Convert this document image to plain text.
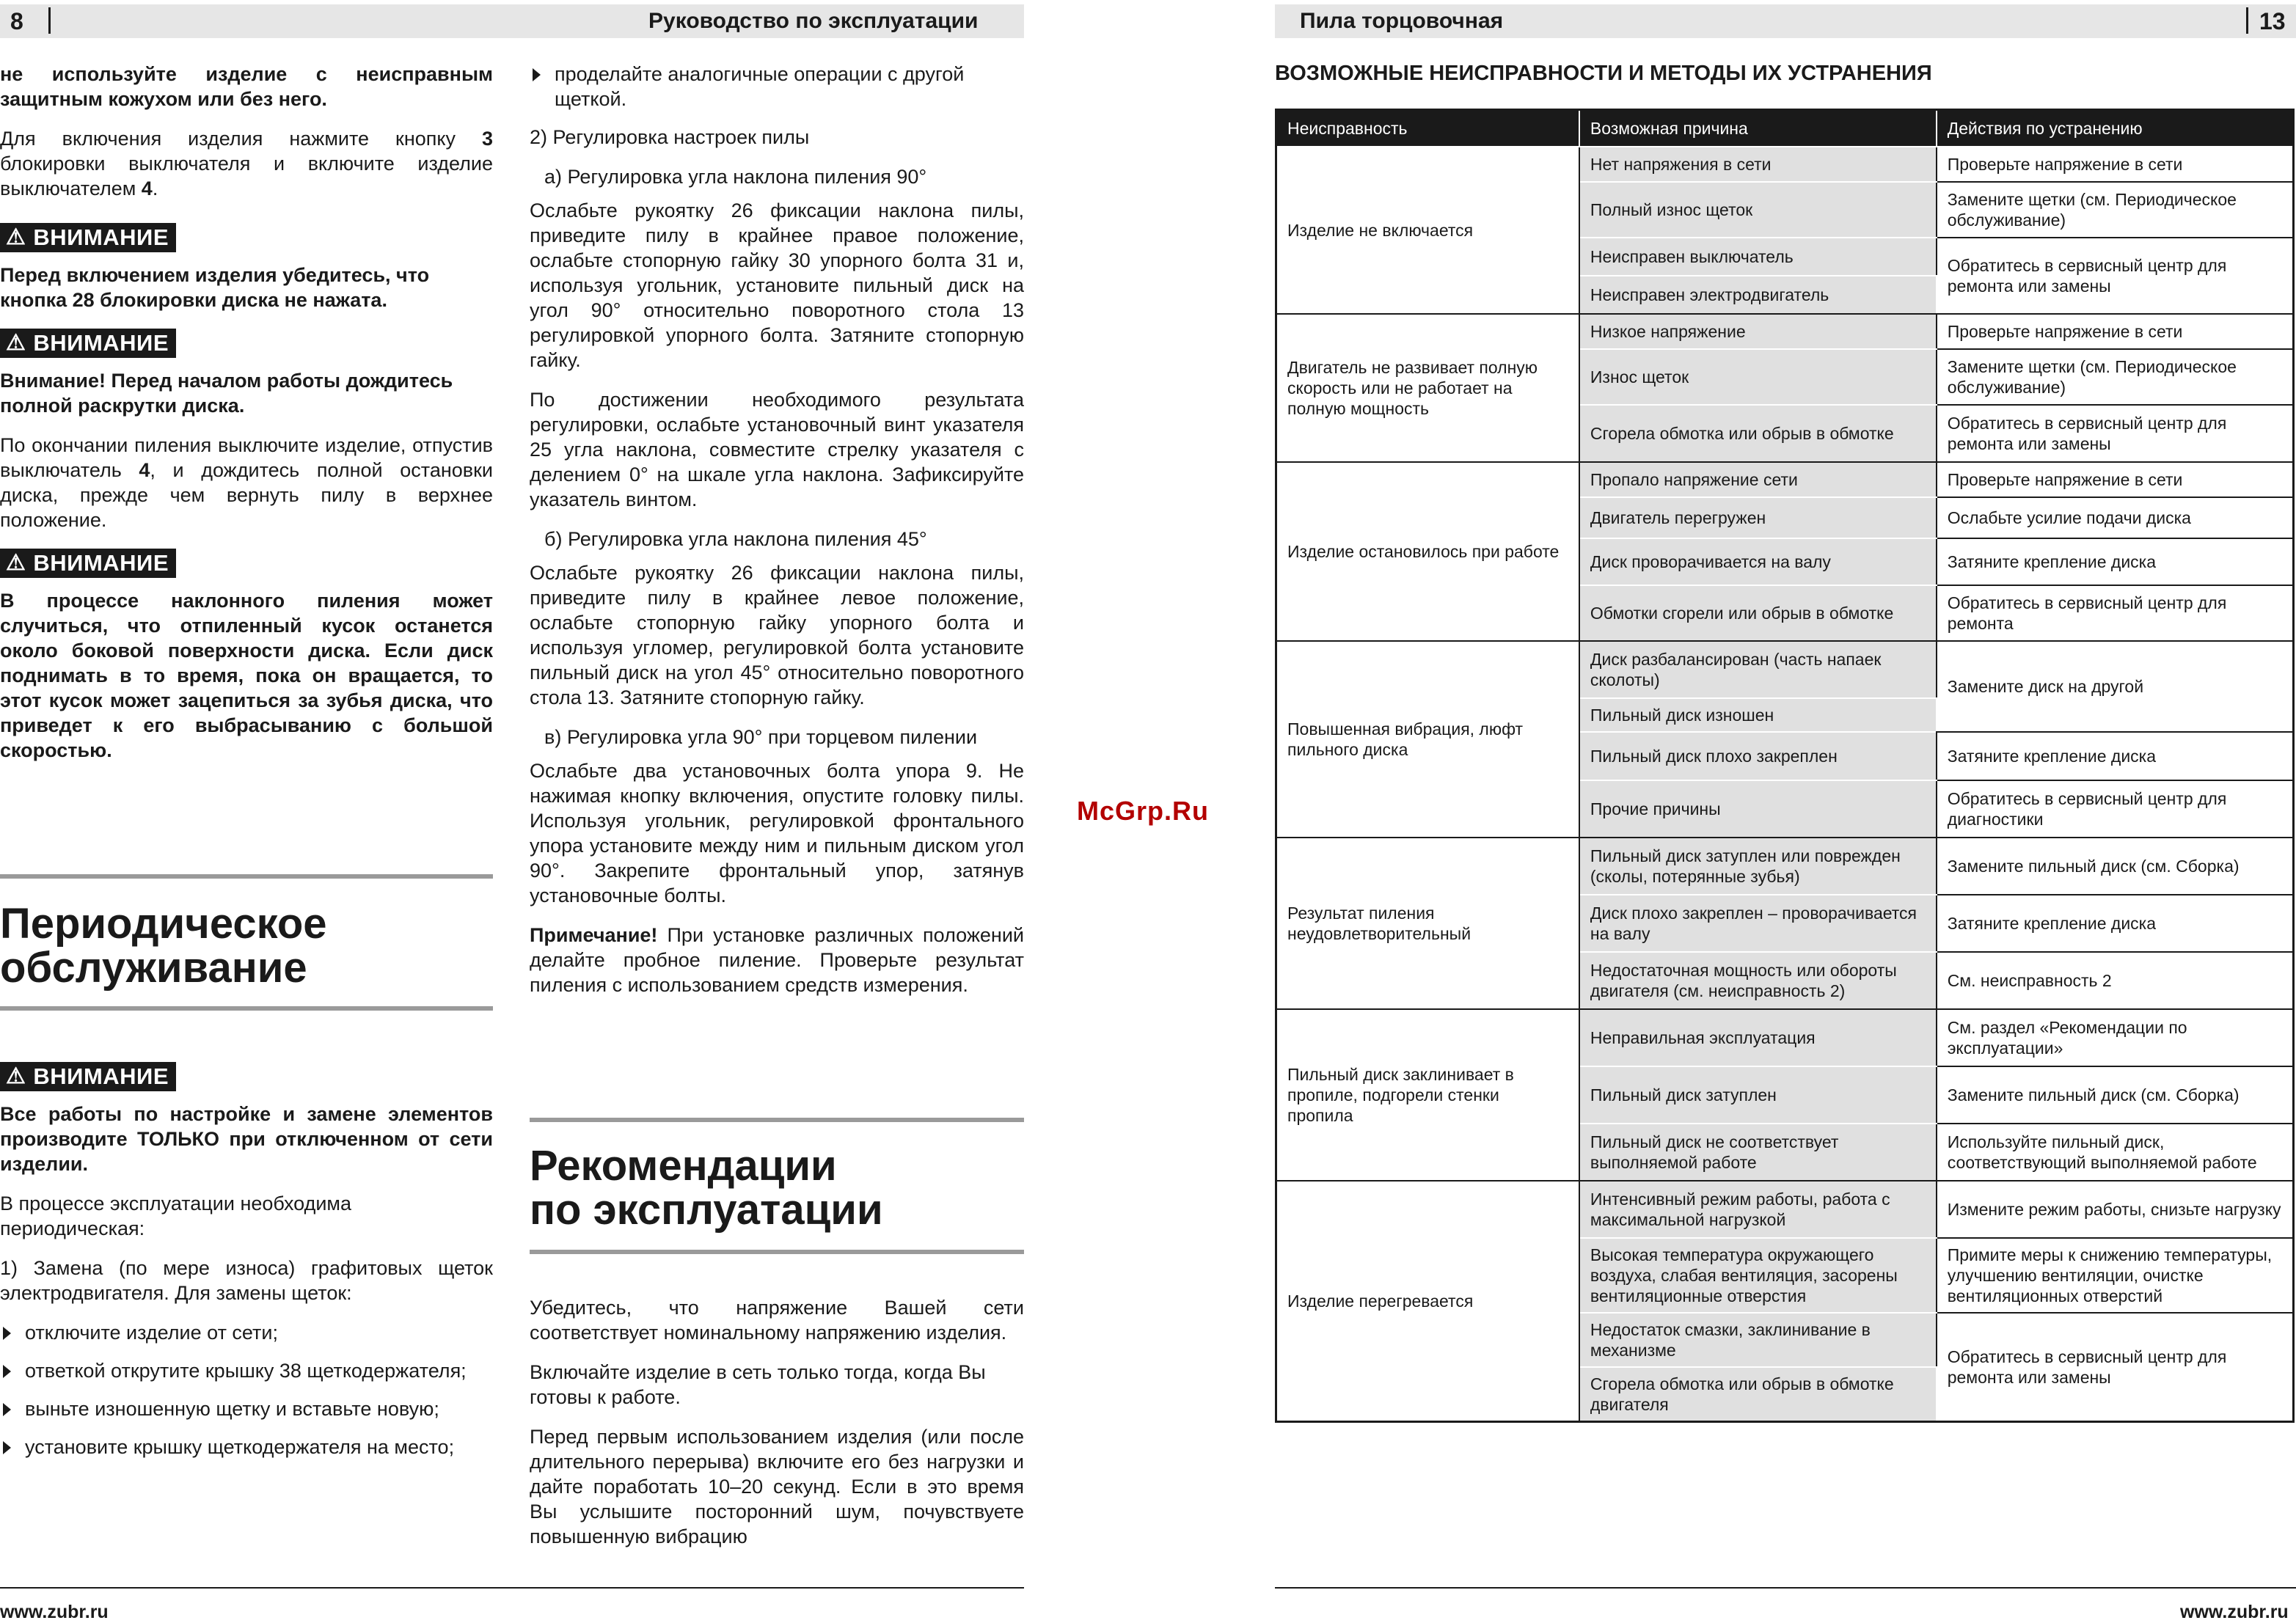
8	Руководство по эксплуатации	Пила торцовочная	13

не используйте изделие с неисправным защитным кожухом или без него.

Для включения изделия нажмите кнопку 3 блокировки выключателя и включите изделие выключателем 4.

⚠ ВНИМАНИЕ

Перед включением изделия убедитесь, что кнопка 28 блокировки диска не нажата.

⚠ ВНИМАНИЕ

Внимание! Перед началом работы дождитесь полной раскрутки диска.

По окончании пиления выключите изделие, отпустив выключатель 4, и дождитесь полной остановки диска, прежде чем вернуть пилу в верхнее положение.

⚠ ВНИМАНИЕ

В процессе наклонного пиления может случиться, что отпиленный кусок останется около боковой поверхности диска. Если диск поднимать в то время, пока он вращается, то этот кусок может зацепиться за зубья диска, что приведет к его выбрасыванию с большой скоростью.

Периодическое
обслуживание
⚠ ВНИМАНИЕ

Все работы по настройке и замене элементов производите ТОЛЬКО при отключенном от сети изделии.

В процессе эксплуатации необходима периодическая:

1) Замена (по мере износа) графитовых щеток электродвигателя. Для замены щеток:

отключите изделие от сети;
ответкой открутите крышку 38 щеткодержателя;
выньте изношенную щетку и вставьте новую;
установите крышку щеткодержателя на место;
проделайте аналогичные операции с другой щеткой.

2) Регулировка настроек пилы

а) Регулировка угла наклона пиления 90°

Ослабьте рукоятку 26 фиксации наклона пилы, приведите пилу в крайнее правое положение, ослабьте стопорную гайку 30 упорного болта 31 и, используя угольник, установите пильный диск на угол 90° относительно поворотного стола 13 регулировкой упорного болта. Затяните стопорную гайку.

По достижении необходимого результата регулировки, ослабьте установочный винт указателя 25 угла наклона, совместите стрелку указателя с делением 0° на шкале угла наклона. Зафиксируйте указатель винтом.

б) Регулировка угла наклона пиления 45°

Ослабьте рукоятку 26 фиксации наклона пилы, приведите пилу в крайнее левое положение, ослабьте стопорную гайку упорного болта и используя угломер, регулировкой болта установите пильный диск на угол 45° относительно поворотного стола 13. Затяните стопорную гайку.

в) Регулировка угла 90° при торцевом пилении

Ослабьте два установочных болта упора 9. Не нажимая кнопку включения, опустите головку пилы. Используя угольник, регулировкой фронтального упора установите между ним и пильным диском угол 90°. Закрепите фронтальный упор, затянув установочные болты.

Примечание! При установке различных положений делайте пробное пиление. Проверьте результат пиления с использованием средств измерения.

Рекомендации
по эксплуатации

Убедитесь, что напряжение Вашей сети соответствует номинальному напряжению изделия.

Включайте изделие в сеть только тогда, когда Вы готовы к работе.

Перед первым использованием изделия (или после длительного перерыва) включите его без нагрузки и дайте поработать 10–20 секунд. Если в это время Вы услышите посторонний шум, почувствуете повышенную вибрацию

McGrp.Ru
ВОЗМОЖНЫЕ НЕИСПРАВНОСТИ И МЕТОДЫ ИХ УСТРАНЕНИЯ
Неисправность	Возможная причина	Действия по устранению
Изделие не включается	Нет напряжения в сети	Проверьте напряжение в сети
	Полный износ щеток	Замените щетки (см. Периодическое обслуживание)
	Неисправен выключатель	Обратитесь в сервисный центр для ремонта или замены
	Неисправен электродвигатель	
Двигатель не развивает полную скорость или не работает на полную мощность	Низкое напряжение	Проверьте напряжение в сети
	Износ щеток	Замените щетки (см. Периодическое обслуживание)
	Сгорела обмотка или обрыв в обмотке	Обратитесь в сервисный центр для ремонта или замены
Изделие остановилось при работе	Пропало напряжение сети	Проверьте напряжение в сети
	Двигатель перегружен	Ослабьте усилие подачи диска
	Диск проворачивается на валу	Затяните крепление диска
	Обмотки сгорели или обрыв в обмотке	Обратитесь в сервисный центр для ремонта
Повышенная вибрация, люфт пильного диска	Диск разбалансирован (часть напаек сколоты)	Замените диск на другой
	Пильный диск изношен	
	Пильный диск плохо закреплен	Затяните крепление диска
	Прочие причины	Обратитесь в сервисный центр для диагностики
Результат пиления неудовлетворительный	Пильный диск затуплен или поврежден (сколы, потерянные зубья)	Замените пильный диск (см. Сборка)
	Диск плохо закреплен – проворачивается на валу	Затяните крепление диска
	Недостаточная мощность или обороты двигателя (см. неисправность 2)	См. неисправность 2
Пильный диск заклинивает в пропиле, подгорели стенки пропила	Неправильная эксплуатация	См. раздел «Рекомендации по эксплуатации»
	Пильный диск затуплен	Замените пильный диск (см. Сборка)
	Пильный диск не соответствует выполняемой работе	Используйте пильный диск, соответствующий выполняемой работе
Изделие перегревается	Интенсивный режим работы, работа с максимальной нагрузкой	Измените режим работы, снизьте нагрузку
	Высокая температура окружающего воздуха, слабая вентиляция, засорены вентиляционные отверстия	Примите меры к снижению температуры, улучшению вентиляции, очистке вентиляционных отверстий
	Недостаток смазки, заклинивание в механизме	Обратитесь в сервисный центр для ремонта или замены
	Сгорела обмотка или обрыв в обмотке двигателя	
www.zubr.ru	www.zubr.ru
